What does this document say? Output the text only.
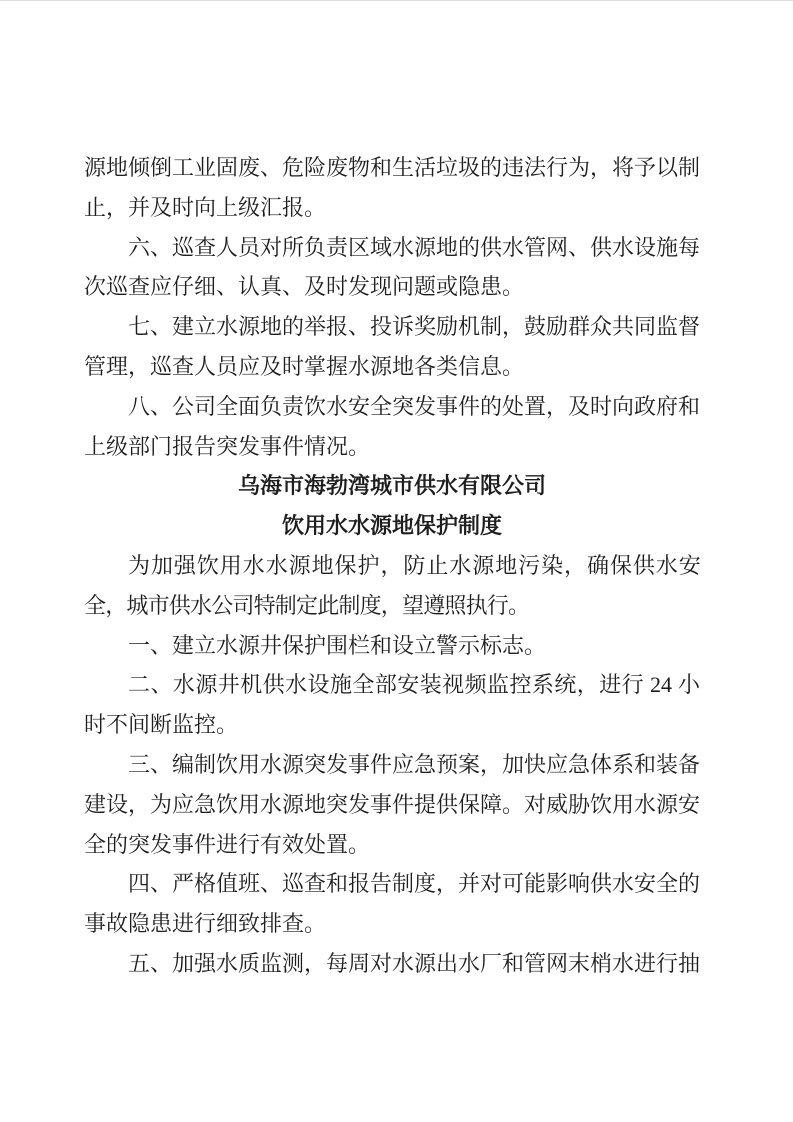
源地倾倒工业固废、危险废物和生活垃圾的违法行为，将予以制止，并及时向上级汇报。

六、巡查人员对所负责区域水源地的供水管网、供水设施每次巡查应仔细、认真、及时发现问题或隐患。

七、建立水源地的举报、投诉奖励机制，鼓励群众共同监督管理，巡查人员应及时掌握水源地各类信息。

八、公司全面负责饮水安全突发事件的处置，及时向政府和上级部门报告突发事件情况。

乌海市海勃湾城市供水有限公司

饮用水水源地保护制度

为加强饮用水水源地保护，防止水源地污染，确保供水安全，城市供水公司特制定此制度，望遵照执行。

一、建立水源井保护围栏和设立警示标志。

二、水源井机供水设施全部安装视频监控系统，进行 24 小时不间断监控。

三、编制饮用水源突发事件应急预案，加快应急体系和装备建设，为应急饮用水源地突发事件提供保障。对威胁饮用水源安全的突发事件进行有效处置。

四、严格值班、巡查和报告制度，并对可能影响供水安全的事故隐患进行细致排查。

五、加强水质监测，每周对水源出水厂和管网末梢水进行抽
